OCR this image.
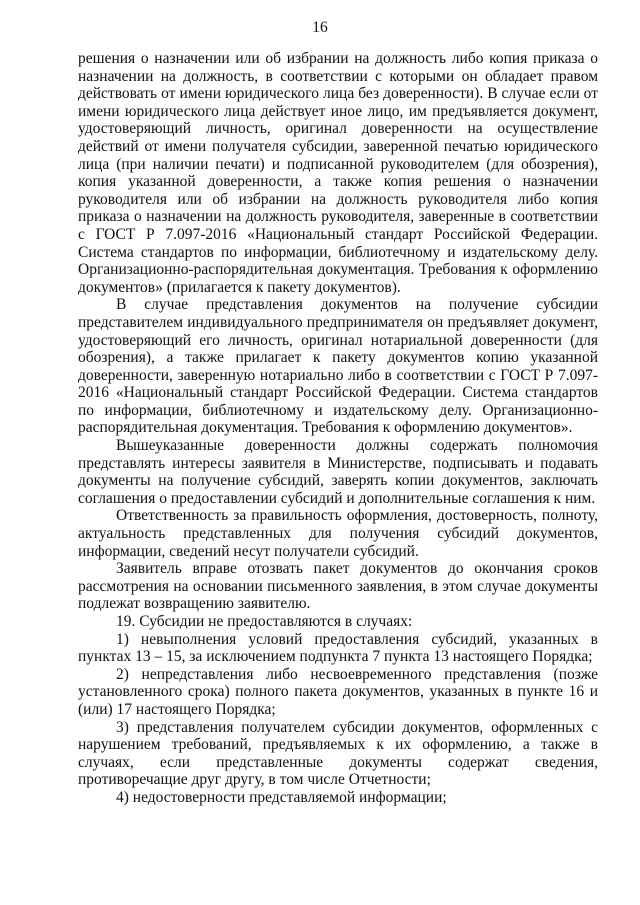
16

решения о назначении или об избрании на должность либо копия приказа о назначении на должность, в соответствии с которыми он обладает правом действовать от имени юридического лица без доверенности). В случае если от имени юридического лица действует иное лицо, им предъявляется документ, удостоверяющий личность, оригинал доверенности на осуществление действий от имени получателя субсидии, заверенной печатью юридического лица (при наличии печати) и подписанной руководителем (для обозрения), копия указанной доверенности, а также копия решения о назначении руководителя или об избрании на должность руководителя либо копия приказа о назначении на должность руководителя, заверенные в соответствии с ГОСТ Р 7.097-2016 «Национальный стандарт Российской Федерации. Система стандартов по информации, библиотечному и издательскому делу. Организационно-распорядительная документация. Требования к оформлению документов» (прилагается к пакету документов).

В случае представления документов на получение субсидии представителем индивидуального предпринимателя он предъявляет документ, удостоверяющий его личность, оригинал нотариальной доверенности (для обозрения), а также прилагает к пакету документов копию указанной доверенности, заверенную нотариально либо в соответствии с ГОСТ Р 7.097-2016 «Национальный стандарт Российской Федерации. Система стандартов по информации, библиотечному и издательскому делу. Организационно-распорядительная документация. Требования к оформлению документов».

Вышеуказанные доверенности должны содержать полномочия представлять интересы заявителя в Министерстве, подписывать и подавать документы на получение субсидий, заверять копии документов, заключать соглашения о предоставлении субсидий и дополнительные соглашения к ним.

Ответственность за правильность оформления, достоверность, полноту, актуальность представленных для получения субсидий документов, информации, сведений несут получатели субсидий.

Заявитель вправе отозвать пакет документов до окончания сроков рассмотрения на основании письменного заявления, в этом случае документы подлежат возвращению заявителю.

19. Субсидии не предоставляются в случаях:

1) невыполнения условий предоставления субсидий, указанных в пунктах 13 – 15, за исключением подпункта 7 пункта 13 настоящего Порядка;

2) непредставления либо несвоевременного представления (позже установленного срока) полного пакета документов, указанных в пункте 16 и (или) 17 настоящего Порядка;

3) представления получателем субсидии документов, оформленных с нарушением требований, предъявляемых к их оформлению, а также в случаях, если представленные документы содержат сведения, противоречащие друг другу, в том числе Отчетности;

4) недостоверности представляемой информации;
